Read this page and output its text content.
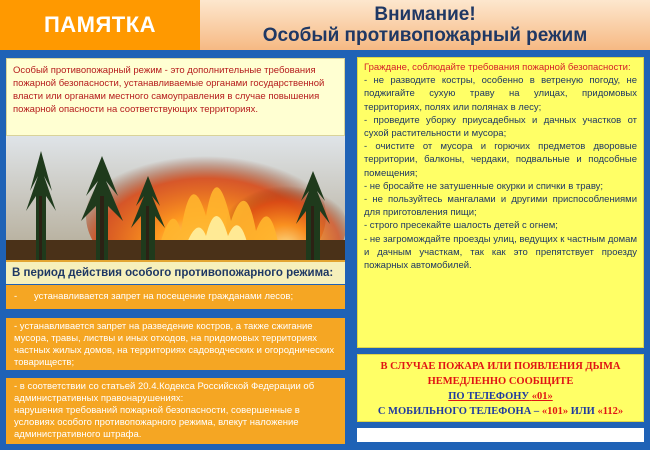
ПАМЯТКА	Внимание!
Особый противопожарный режим
Особый противопожарный режим - это дополнительные требования пожарной безопасности, устанавливаемые органами государственной власти или органами местного самоуправления в случае повышения пожарной опасности на соответствующих территориях.
В период действия особого противопожарного режима:
- устанавливается запрет на посещение гражданами лесов;
- устанавливается запрет на разведение костров, а также сжигание мусора, травы, листвы и иных отходов, на придомовых территориях частных жилых домов, на территориях садоводческих и огороднических товариществ;
- в соответствии со статьей 20.4.Кодекса Российской Федерации об административных правонарушениях:
нарушения требований пожарной безопасности, совершенные в условиях особого противопожарного режима, влекут наложение административного штрафа.
Граждане, соблюдайте требования пожарной безопасности:
- не разводите костры, особенно в ветреную погоду, не поджигайте сухую траву на улицах, придомовых территориях, полях или полянах в лесу;
- проведите уборку приусадебных и дачных участков от сухой растительности и мусора;
- очистите от мусора и горючих предметов дворовые территории, балконы, чердаки, подвальные и подсобные помещения;
- не бросайте не затушенные окурки и спички в траву;
- не пользуйтесь мангалами и другими приспособлениями для приготовления пищи;
- строго пресекайте шалость детей с огнем;
- не загромождайте проезды улиц, ведущих к частным домам и дачным участкам, так как это препятствует проезду пожарных автомобилей.
В СЛУЧАЕ ПОЖАРА ИЛИ ПОЯВЛЕНИЯ ДЫМА
НЕМЕДЛЕННО СООБЩИТЕ
ПО ТЕЛЕФОНУ «01»
С МОБИЛЬНОГО ТЕЛЕФОНА – «101» ИЛИ «112»
